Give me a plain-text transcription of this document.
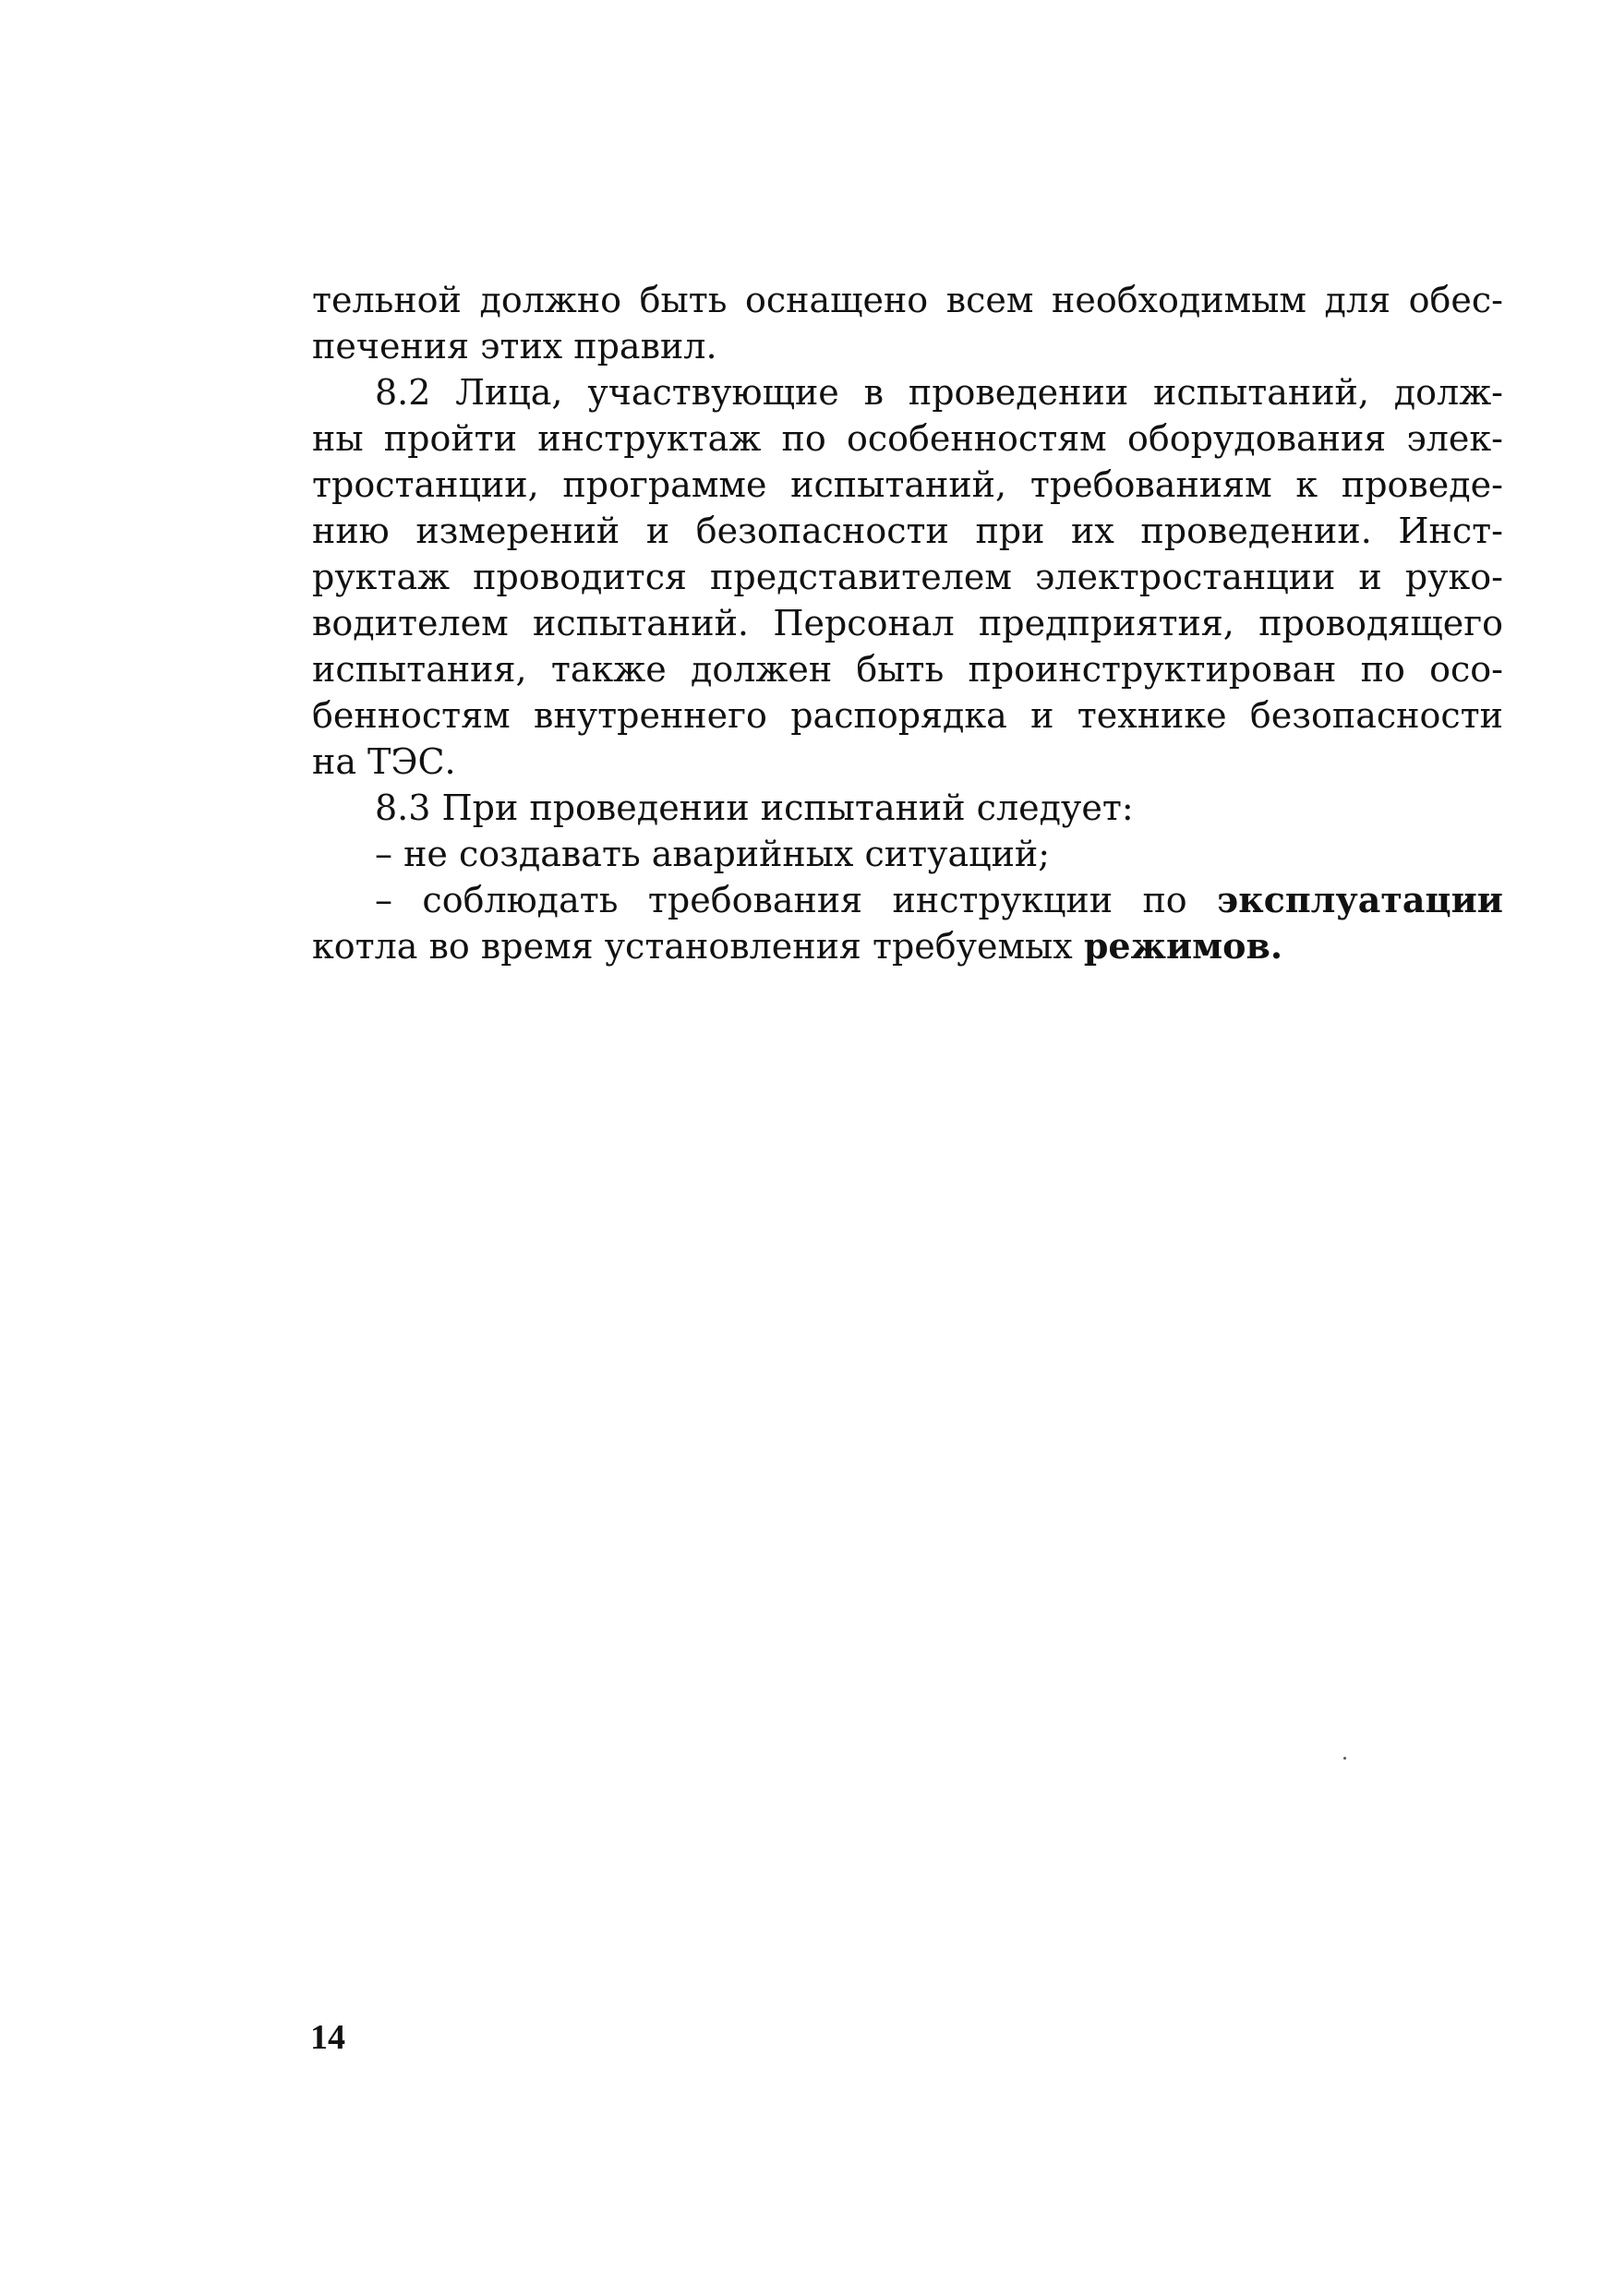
тельной должно быть оснащено всем необходимым для обес-
печения этих правил.
8.2 Лица, участвующие в проведении испытаний, долж-
ны пройти инструктаж по особенностям оборудования элек-
тростанции, программе испытаний, требованиям к проведе-
нию измерений и безопасности при их проведении. Инст-
руктаж проводится представителем электростанции и руко-
водителем испытаний. Персонал предприятия, проводящего
испытания, также должен быть проинструктирован по осо-
бенностям внутреннего распорядка и технике безопасности
на ТЭС.
8.3 При проведении испытаний следует:
– не создавать аварийных ситуаций;
– соблюдать требования инструкции по эксплуатации
котла во время установления требуемых режимов.
14
